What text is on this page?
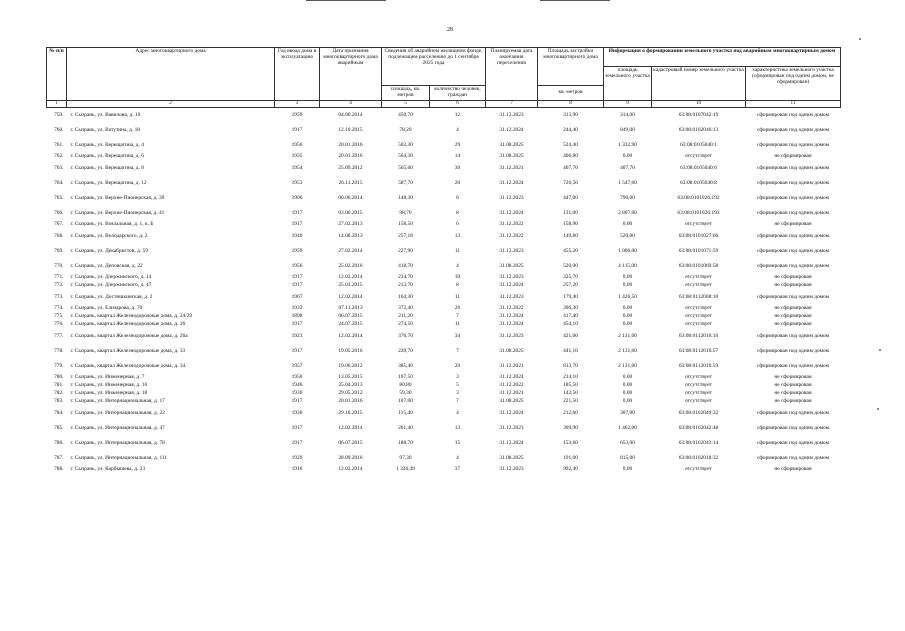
28
№ п/п	Адрес многоквартирного дома	Год ввода дома в эксплуатацию	Дата признания многоквартирного дома аварийным	Сведения об аварийном жилищном фонде, подлежащем расселению до 1 сентября 2025 года		Планируемая дата окончания переселения	Площадь застройки многоквартирного дома	Информация о формировании земельного участка под аварийным многоквартирным домом		
								площадь земельного участка	кадастровый номер земельного участка	характеристика земельного участка (сформирован под одним домом, не сформирован)
				площадь, кв. метров	количество человек, граждан		кв. метров			
1	2	3	4	5	6	7	8	9	10	11
759.	г. Сызрань, ул. Вавилова, д. 10	1959	04.06.2014	450,70	12	31.12.2023	313,90	314,00	63:08:0107042:19	сформирован под одним домом
760.	г. Сызрань, ул. Ватутина, д. 18	1917	12.10.2015	78,20	4	31.12.2024	244,40	849,00	63:08:0102046:13	сформирован под одним домом
761.	г. Сызрань, ул. Верещагина, д. 4	1956	20.01.2016	502,30	29	31.08.2025	524,40	1 332,90	63:08:0105040:1	сформирован под одним домом
762.	г. Сызрань, ул. Верещагина, д. 6	1935	20.01.2016	564,30	14	31.08.2025	406,80	0,00	отсутствует	не сформирован
763.	г. Сызрань, ул. Верещагина, д. 8	1954	25.09.2012	565,60	30	31.12.2021	407,70	407,70	63:08:0105040:6	сформирован под одним домом
764.	г. Сызрань, ул. Верещагина, д. 12	1953	26.11.2015	587,70	20	31.12.2024	726,50	1 547,00	63:08:0105040:8	сформирован под одним домом
765.	г. Сызрань, ул. Верхне-Пионерская, д. 39	1906	06.06.2014	148,30	6	31.12.2023	447,00	790,00	63:08:0101026:192	сформирован под одним домом
766.	г. Сызрань, ул. Верхне-Пионерская, д. 41	1917	03.06.2015	98,70	8	31.12.2024	131,00	2 807,00	63:08:0101026:193	сформирован под одним домом
767.	г. Сызрань, ул. Вокзальная, д. 1, к. Б	1917	27.02.2013	158,50	6	31.12.2022	158,90	0,00	отсутствует	не сформирован
768.	г. Сызрань, ул. Володарского, д. 2	1940	14.08.2013	257,18	13	31.12.2022	149,80	520,00	63:08:0101027:66	сформирован под одним домом
769.	г. Сызрань, ул. Декабристов, д. 59	1959	27.02.2014	227,90	11	31.12.2023	455,20	1 006,00	63:08:0101071:59	сформирован под одним домом
770.	г. Сызрань, ул. Деповская, д. 22	1956	25.02.2016	418,70	4	31.08.2025	520,00	4 115,00	63:08:0101069:58	сформирован под одним домом
771.	г. Сызрань, ул. Дзержинского, д. 14	1917	12.02.2014	234,70	10	31.12.2023	325,70	0,00	отсутствует	не сформирован
772.	г. Сызрань, ул. Дзержинского, д. 47	1917	25.03.2015	213,70	8	31.12.2024	257,20	0,00	отсутствует	не сформирован
773.	г. Сызрань, ул. Достишкинская, д. 2	1967	12.02.2014	164,30	11	31.12.2023	179,40	1 426,50	63:08:0112008:10	сформирован под одним домом
774.	г. Сызрань, ул. Елизарова, д. 70	1933	07.11.2013	372,40	26	31.12.2022	396,30	0,00	отсутствует	не сформирован
775.	г. Сызрань, квартал Железнодорожные дома, д. 24/29	1898	06.07.2015	211,20	7	31.12.2024	417,40	0,00	отсутствует	не сформирован
776.	г. Сызрань, квартал Железнодорожные дома, д. 26	1917	24.07.2015	274,50	11	31.12.2024	454,10	0,00	отсутствует	не сформирован
777.	г. Сызрань, квартал Железнодорожные дома, д. 26а	1923	12.02.2014	376,70	34	31.12.2023	421,00	2 131,00	63:08:0112016:10	сформирован под одним домом
778.	г. Сызрань, квартал Железнодорожные дома, д. 33	1917	19.05.2016	220,70	7	31.08.2025	441,10	2 131,00	63:08:0112016:57	сформирован под одним домом
779.	г. Сызрань, квартал Железнодорожные дома, д. 34	1957	19.06.2012	385,40	20	31.12.2021	813,70	2 131,00	63:08:0112016:59	сформирован под одним домом
780.	г. Сызрань, ул. Инженерная, д. 7	1950	13.05.2015	107,50	3	31.12.2024	214,10	0,00	отсутствует	не сформирован
781.	г. Сызрань, ул. Инженерная, д. 16	1946	25.04.2013	80,80	5	31.12.2022	185,50	0,00	отсутствует	не сформирован
782.	г. Сызрань, ул. Инженерная, д. 18	1930	29.05.2012	59,30	3	31.12.2021	142,50	0,00	отсутствует	не сформирован
783.	г. Сызрань, ул. Интернациональная, д. 17	1917	20.01.2016	107,00	7	31.08.2025	221,50	0,00	отсутствует	не сформирован
784.	г. Сызрань, ул. Интернациональная, д. 22	1930	29.10.2015	115,40	4	31.12.2024	212,60	307,00	63:08:0102049:32	сформирован под одним домом
785.	г. Сызрань, ул. Интернациональная, д. 47	1917	12.02.2014	261,40	13	31.12.2023	369,90	1 462,00	63:08:0102042:48	сформирован под одним домом
786.	г. Сызрань, ул. Интернациональная, д. 78	1917	06.07.2015	188,70	15	31.12.2024	153,60	653,00	63:08:0102043:14	сформирован под одним домом
787.	г. Сызрань, ул. Интернациональная, д. 111	1929	28.09.2016	97,30	4	31.08.2025	191,00	815,00	63:08:0102018:32	сформирован под одним домом
788.	г. Сызрань, ул. Карбышева, д. 23	1916	12.02.2014	1 326,49	37	31.12.2023	992,40	0,00	отсутствует	не сформирован
